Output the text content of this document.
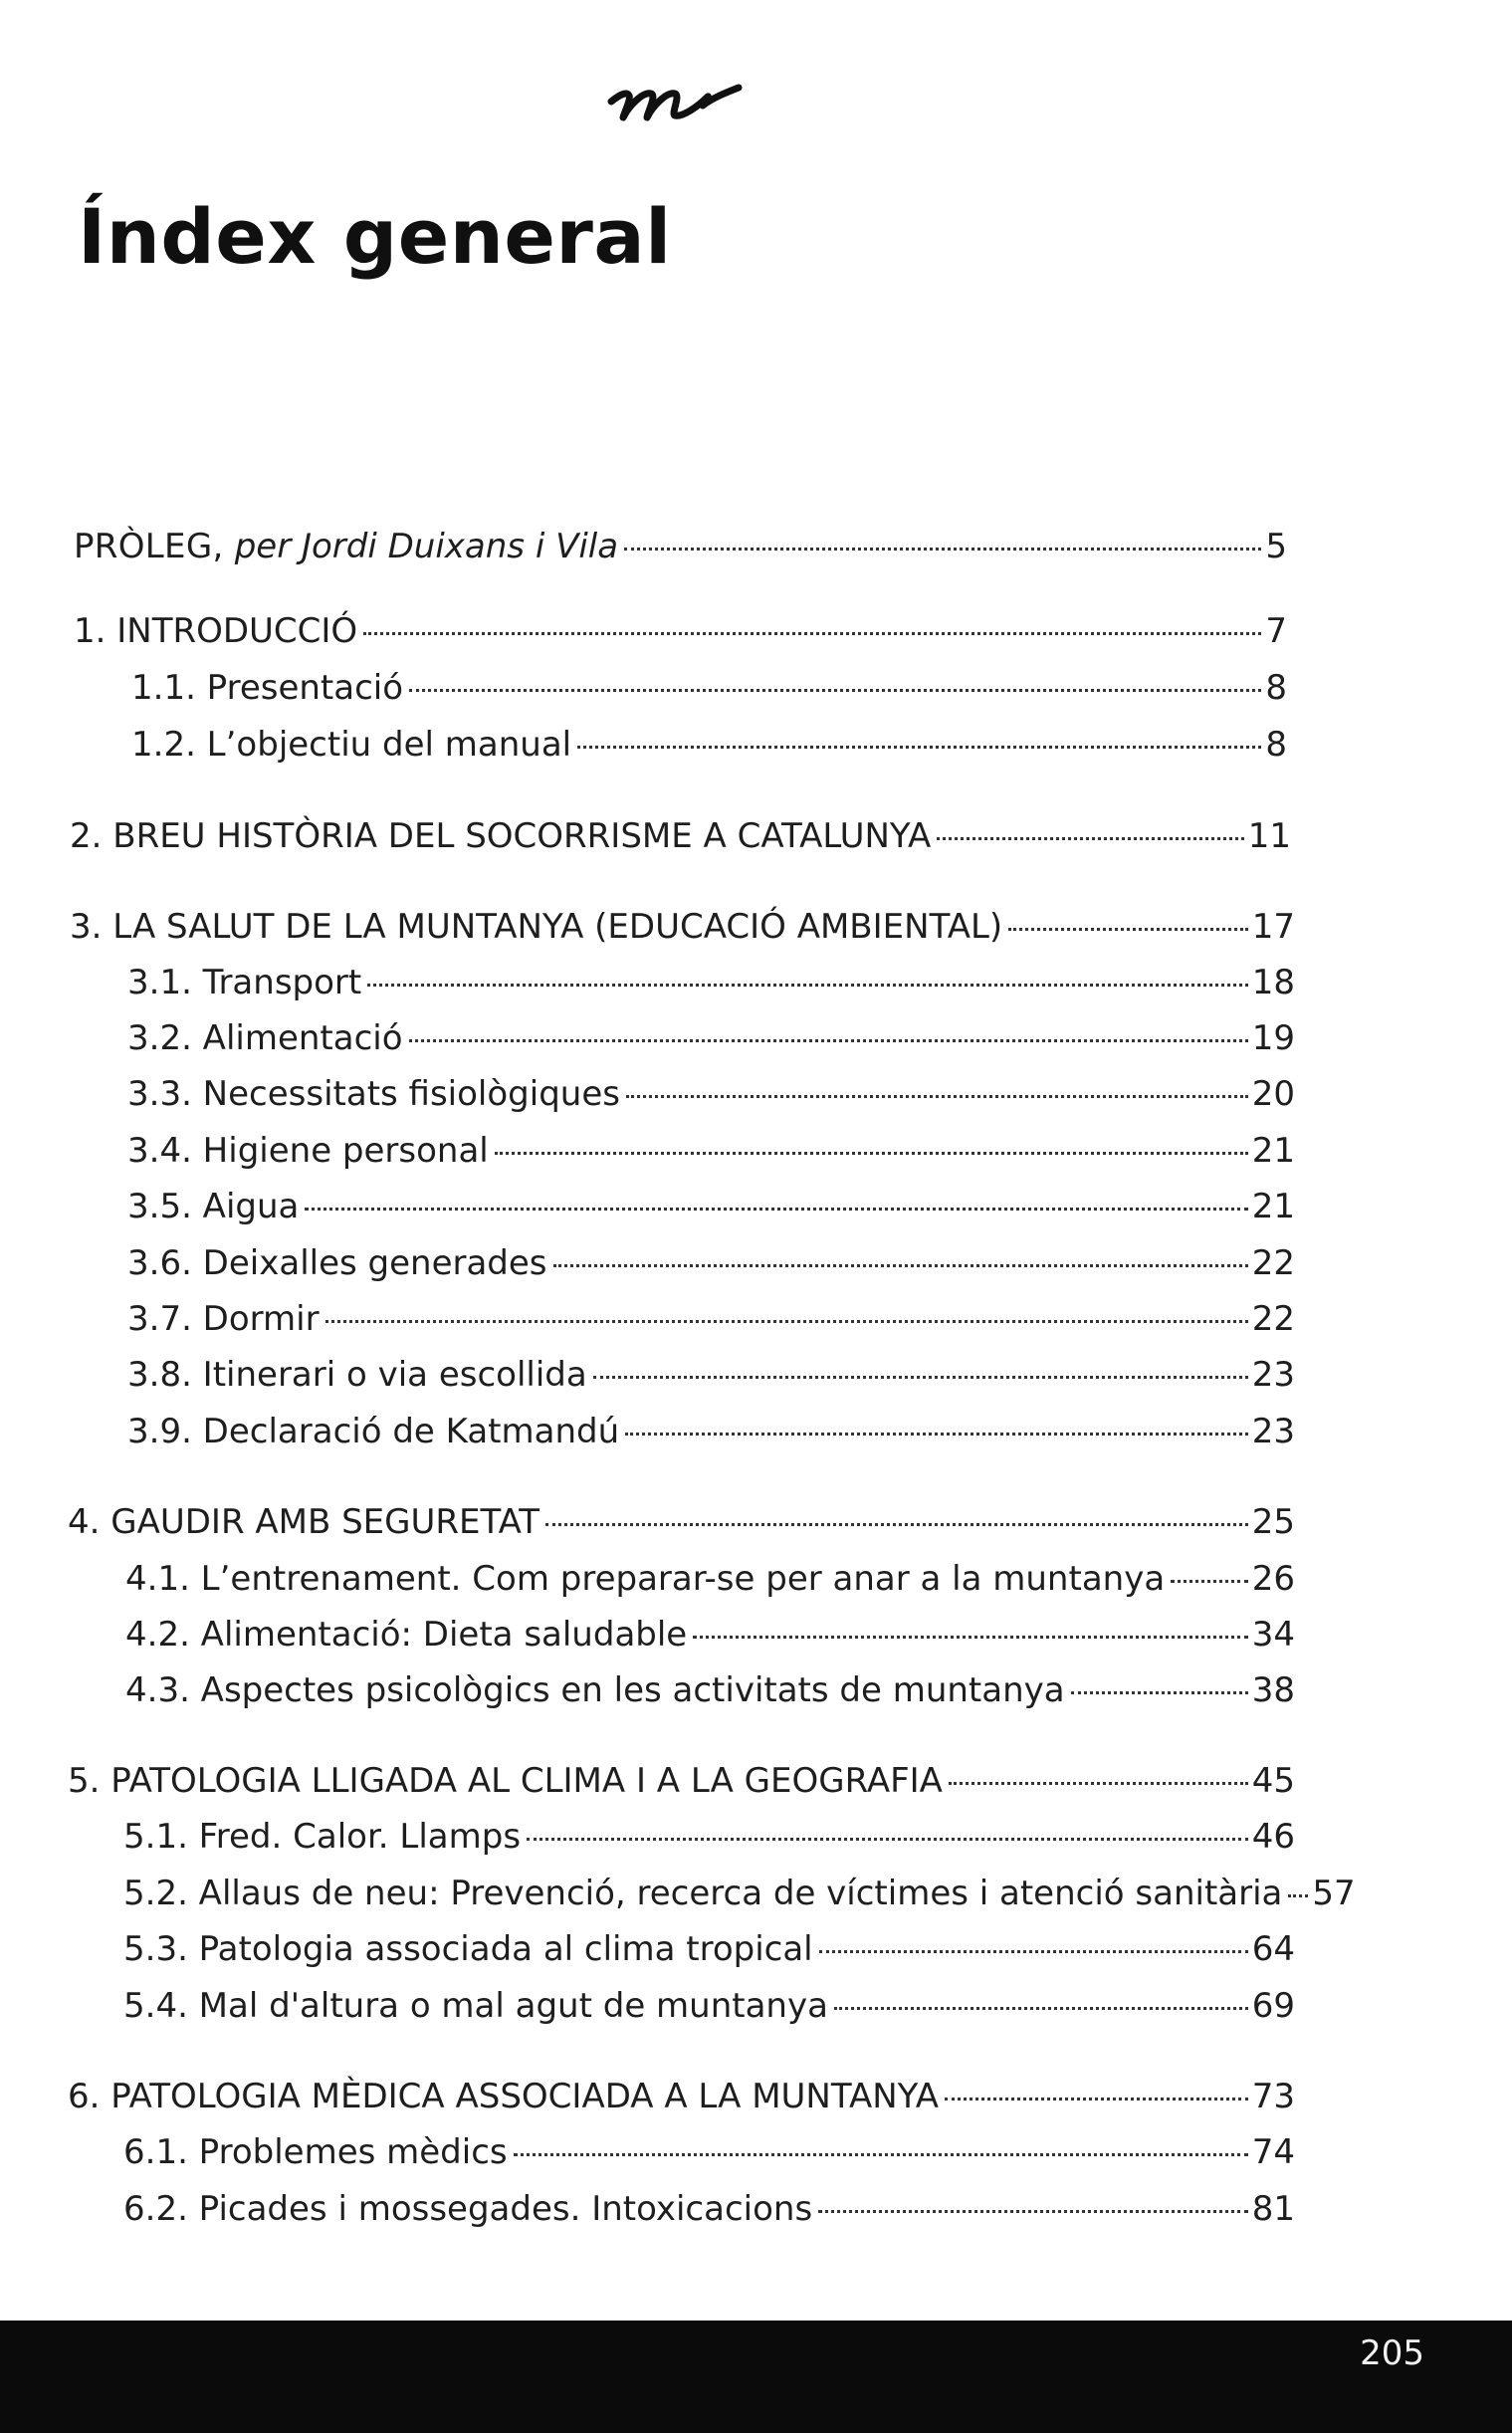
Índex general
PRÒLEG, per Jordi Duixans i Vila	5
1. INTRODUCCIÓ	7
1.1. Presentació	8
1.2. L’objectiu del manual	8
2. BREU HISTÒRIA DEL SOCORRISME A CATALUNYA	11
3. LA SALUT DE LA MUNTANYA (EDUCACIÓ AMBIENTAL)	17
3.1. Transport	18
3.2. Alimentació	19
3.3. Necessitats fisiològiques	20
3.4. Higiene personal	21
3.5. Aigua	21
3.6. Deixalles generades	22
3.7. Dormir	22
3.8. Itinerari o via escollida	23
3.9. Declaració de Katmandú	23
4. GAUDIR AMB SEGURETAT	25
4.1. L’entrenament. Com preparar-se per anar a la muntanya	26
4.2. Alimentació: Dieta saludable	34
4.3. Aspectes psicològics en les activitats de muntanya	38
5. PATOLOGIA LLIGADA AL CLIMA I A LA GEOGRAFIA	45
5.1. Fred. Calor. Llamps	46
5.2. Allaus de neu: Prevenció, recerca de víctimes i atenció sanitària 57
5.3. Patologia associada al clima tropical	64
5.4. Mal d'altura o mal agut de muntanya	69
6. PATOLOGIA MÈDICA ASSOCIADA A LA MUNTANYA	73
6.1. Problemes mèdics	74
6.2. Picades i mossegades. Intoxicacions	81
205
